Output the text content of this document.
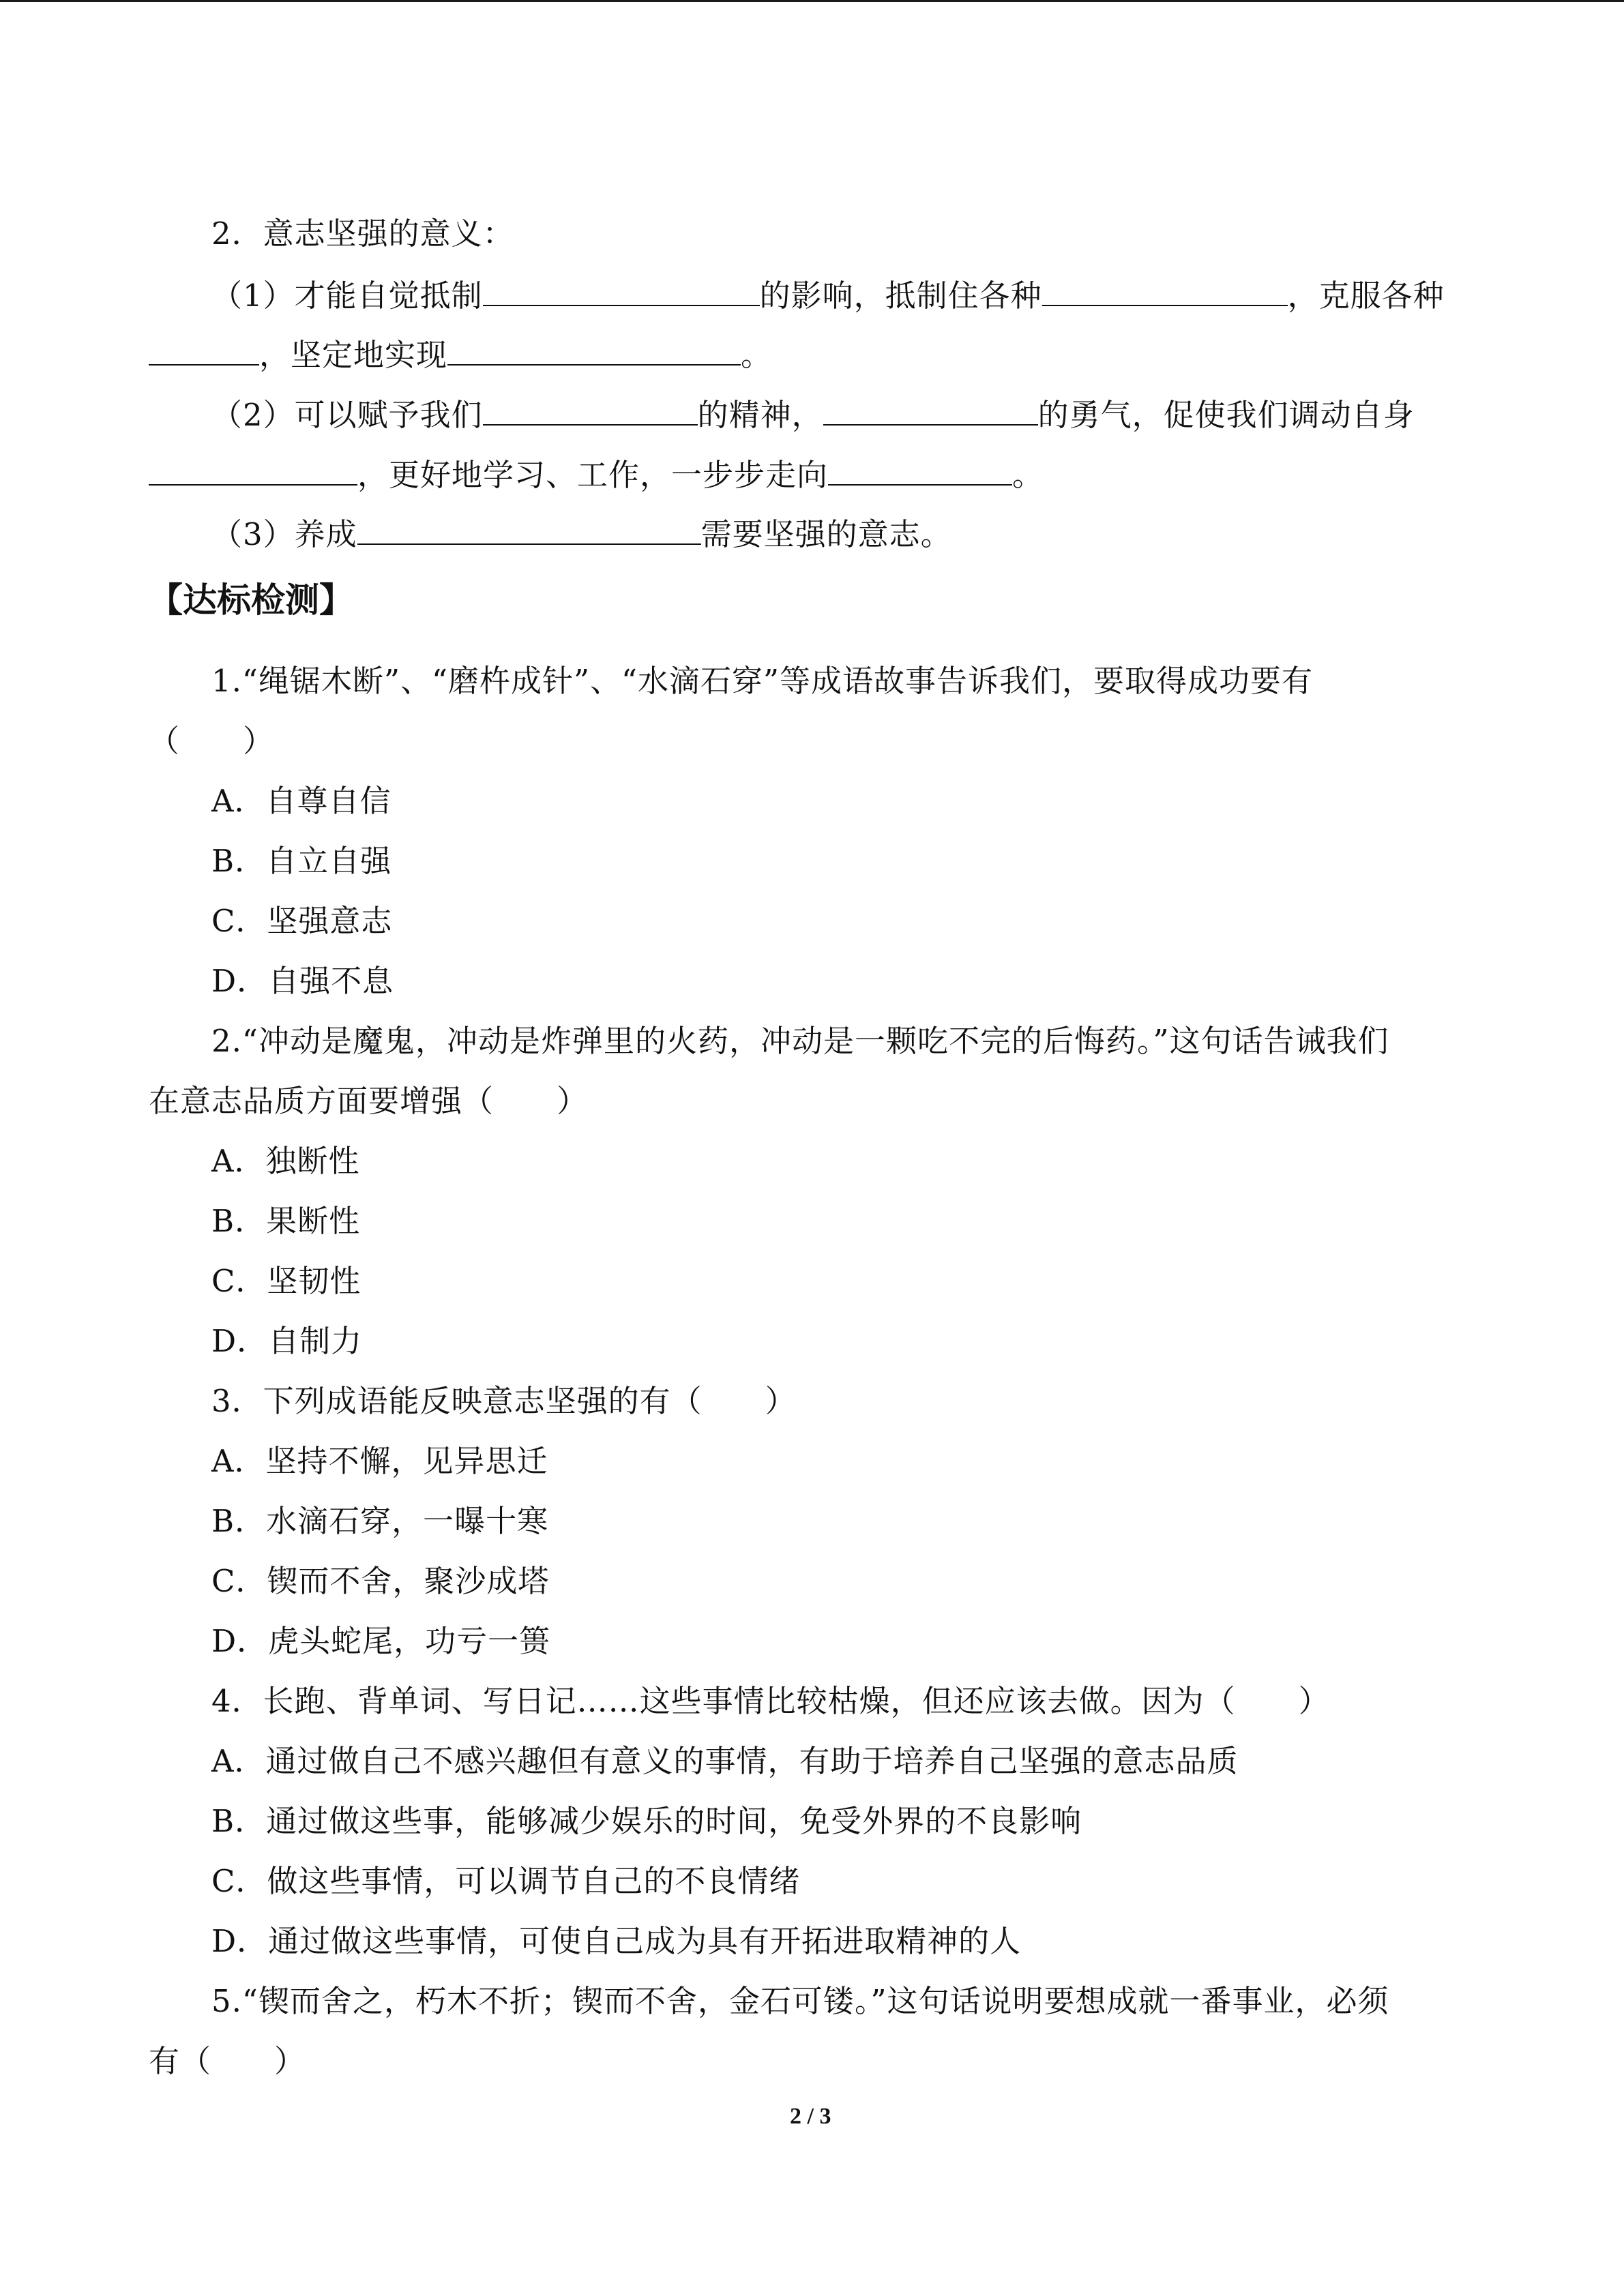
2．意志坚强的意义：
（1）才能自觉抵制	的影响，抵制住各种	，克服各种
，坚定地实现	。
（2）可以赋予我们	的精神，	的勇气，促使我们调动自身
，更好地学习、工作，一步步走向	。
（3）养成	需要坚强的意志。
【达标检测】
1.“绳锯木断”、“磨杵成针”、“水滴石穿”等成语故事告诉我们，要取得成功要有
（　　）
A．自尊自信
B．自立自强
C．坚强意志
D．自强不息
2.“冲动是魔鬼，冲动是炸弹里的火药，冲动是一颗吃不完的后悔药。”这句话告诫我们
在意志品质方面要增强（　　）
A．独断性
B．果断性
C．坚韧性
D．自制力
3．下列成语能反映意志坚强的有（　　）
A．坚持不懈，见异思迁
B．水滴石穿，一曝十寒
C．锲而不舍，聚沙成塔
D．虎头蛇尾，功亏一篑
4．长跑、背单词、写日记……这些事情比较枯燥，但还应该去做。因为（　　）
A．通过做自己不感兴趣但有意义的事情，有助于培养自己坚强的意志品质
B．通过做这些事，能够减少娱乐的时间，免受外界的不良影响
C．做这些事情，可以调节自己的不良情绪
D．通过做这些事情，可使自己成为具有开拓进取精神的人
5.“锲而舍之，朽木不折；锲而不舍，金石可镂。”这句话说明要想成就一番事业，必须
有（　　）
2 / 3
